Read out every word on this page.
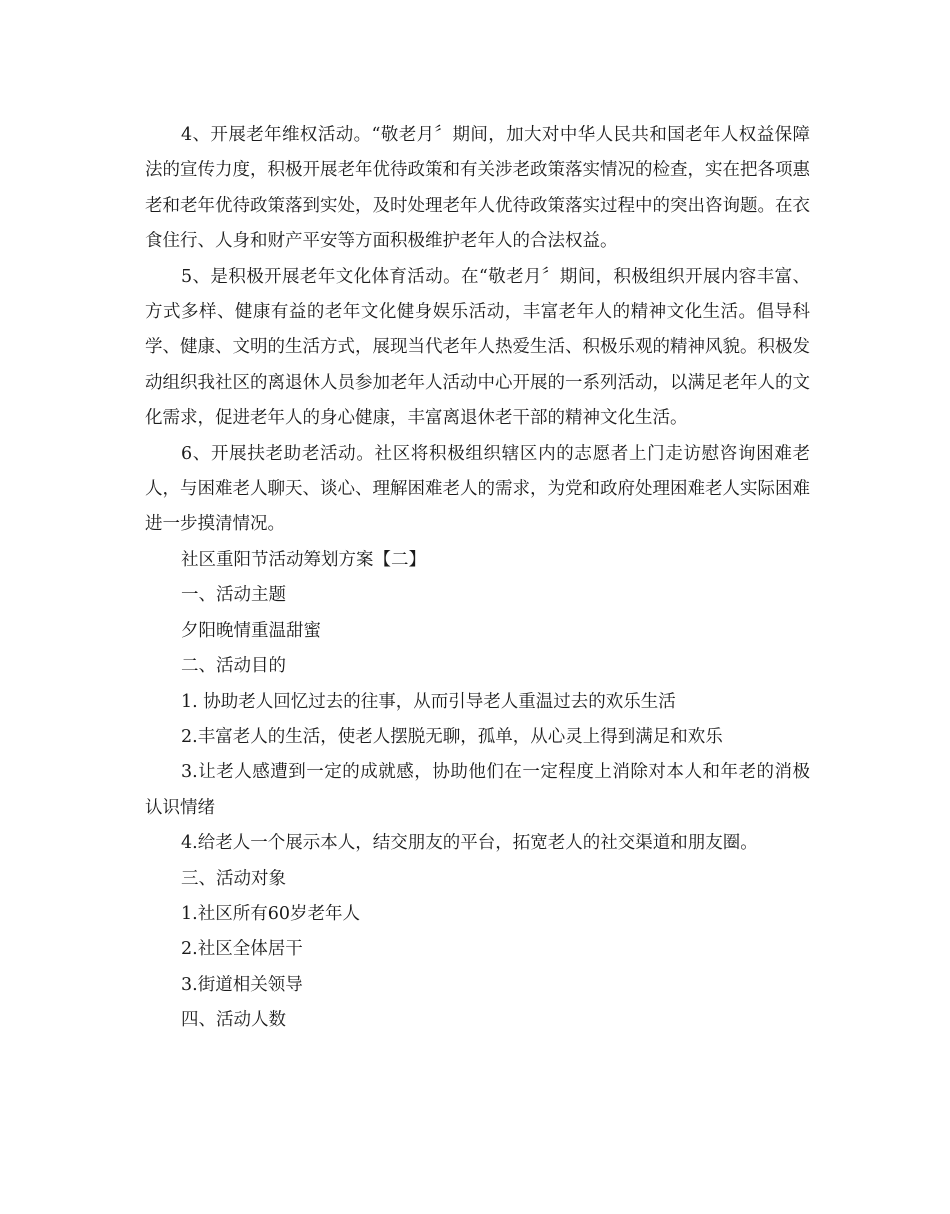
4、开展老年维权活动。“敬老月〞期间，加大对中华人民共和国老年人权益保障法的宣传力度，积极开展老年优待政策和有关涉老政策落实情况的检查，实在把各项惠老和老年优待政策落到实处，及时处理老年人优待政策落实过程中的突出咨询题。在衣食住行、人身和财产平安等方面积极维护老年人的合法权益。

5、是积极开展老年文化体育活动。在“敬老月〞期间，积极组织开展内容丰富、方式多样、健康有益的老年文化健身娱乐活动，丰富老年人的精神文化生活。倡导科学、健康、文明的生活方式，展现当代老年人热爱生活、积极乐观的精神风貌。积极发动组织我社区的离退休人员参加老年人活动中心开展的一系列活动，以满足老年人的文化需求，促进老年人的身心健康，丰富离退休老干部的精神文化生活。

6、开展扶老助老活动。社区将积极组织辖区内的志愿者上门走访慰咨询困难老人，与困难老人聊天、谈心、理解困难老人的需求，为党和政府处理困难老人实际困难进一步摸清情况。

社区重阳节活动筹划方案【二】

一、活动主题

夕阳晚情重温甜蜜

二、活动目的

1. 协助老人回忆过去的往事，从而引导老人重温过去的欢乐生活

2.丰富老人的生活，使老人摆脱无聊，孤单，从心灵上得到满足和欢乐

3.让老人感遭到一定的成就感，协助他们在一定程度上消除对本人和年老的消极认识情绪

4.给老人一个展示本人，结交朋友的平台，拓宽老人的社交渠道和朋友圈。

三、活动对象

1.社区所有60岁老年人

2.社区全体居干

3.街道相关领导

四、活动人数
